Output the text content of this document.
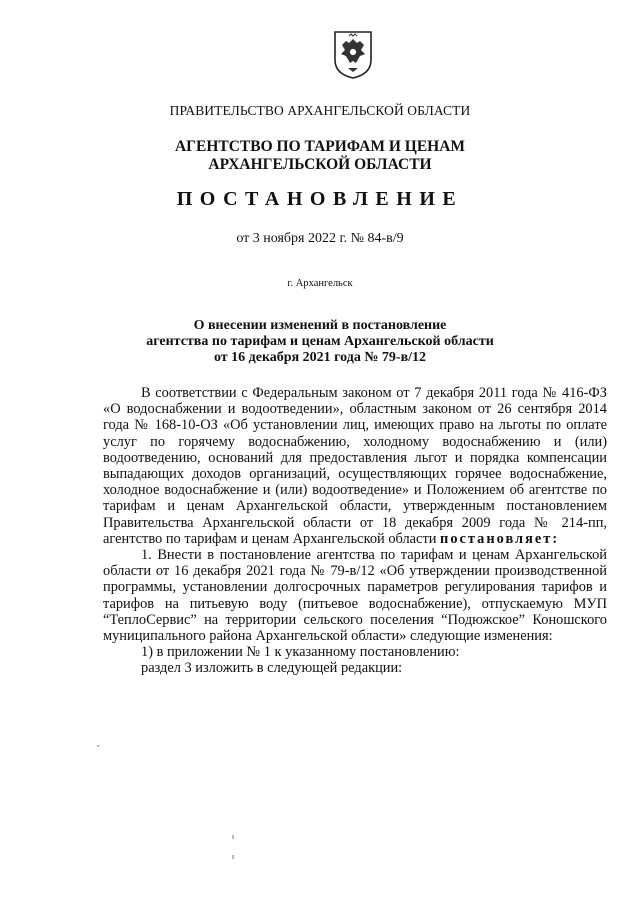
ПРАВИТЕЛЬСТВО АРХАНГЕЛЬСКОЙ ОБЛАСТИ
АГЕНТСТВО ПО ТАРИФАМ И ЦЕНАМ
АРХАНГЕЛЬСКОЙ ОБЛАСТИ
ПОСТАНОВЛЕНИЕ
от 3 ноября 2022 г. № 84-в/9
г. Архангельск
О внесении изменений в постановление
агентства по тарифам и ценам Архангельской области
от 16 декабря 2021 года № 79-в/12

В соответствии с Федеральным законом от 7 декабря 2011 года № 416-ФЗ «О водоснабжении и водоотведении», областным законом от 26 сентября 2014 года № 168-10-ОЗ «Об установлении лиц, имеющих право на льготы по оплате услуг по горячему водоснабжению, холодному водоснабжению и (или) водоотведению, оснований для предоставления льгот и порядка компенсации выпадающих доходов организаций, осуществляющих горячее водоснабжение, холодное водоснабжение и (или) водоотведение» и Положением об агентстве по тарифам и ценам Архангельской области, утвержденным постановлением Правительства Архангельской области от 18 декабря 2009 года № 214-пп, агентство по тарифам и ценам Архангельской области постановляет:

1. Внести в постановление агентства по тарифам и ценам Архангельской области от 16 декабря 2021 года № 79-в/12 «Об утверждении производственной программы, установлении долгосрочных параметров регулирования тарифов и тарифов на питьевую воду (питьевое водоснабжение), отпускаемую МУП “ТеплоСервис” на территории сельского поселения “Подюжское” Коношского муниципального района Архангельской области» следующие изменения:

1) в приложении № 1 к указанному постановлению:

раздел 3 изложить в следующей редакции:
